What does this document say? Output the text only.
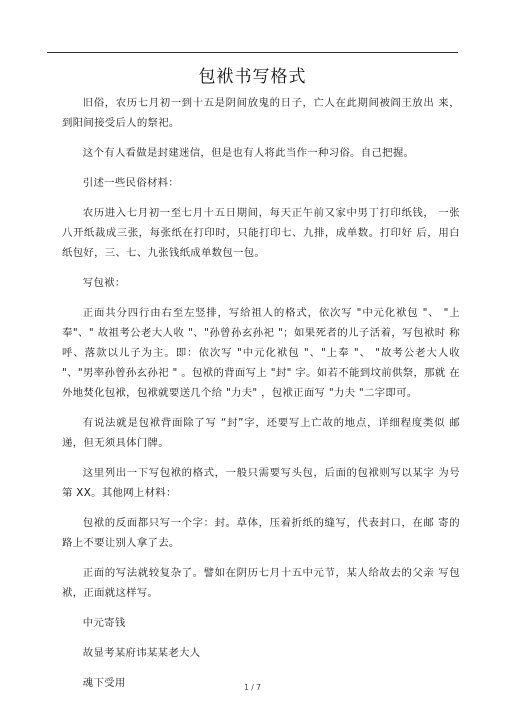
包袱书写格式

旧俗，农历七月初一到十五是阴间放鬼的日子，亡人在此期间被阎王放出 来，到阳间接受后人的祭祀。

这个有人看做是封建迷信，但是也有人将此当作一种习俗。自己把握。

引述一些民俗材料：

农历进入七月初一至七月十五日期间，每天正午前又家中男丁打印纸钱， 一张八开纸裁成三张，每张纸在打印时，只能打印七、九排，成单数。打印好 后，用白纸包好，三、七、九张钱纸成单数包一包。

写包袱：

正面共分四行由右至左竖排，写给祖人的格式，依次写 "中元化袱包 "、 "上 奉"、" 故祖考公老大人收 "、"孙曾孙玄孙祀 "；如果死者的儿子活着，写包袱时 称呼、落款以儿子为主。即：依次写 "中元化袱包 "、"上奉 "、 "故考公老大人收 "、"男率孙曾孙玄孙祀 " 。包袱的背面写上 "封" 字。如若不能到坟前供祭，那就 在外地焚化包袱，包袱就要送几个给 "力夫" ，包袱正面写 "力夫 "二字即可。

有说法就是包袱背面除了写 “封”字，还要写上亡故的地点，详细程度类似 邮递，但无须具体门牌。

这里列出一下写包袱的格式，一般只需要写头包，后面的包袱则写以某字 为号第 XX。其他网上材料：

包袱的反面都只写一个字：封。草体，压着折纸的缝写，代表封口，在邮 寄的路上不要让别人拿了去。

正面的写法就较复杂了。譬如在阴历七月十五中元节，某人给故去的父亲 写包袱，正面就这样写。

中元寄钱

故显考某府讳某某老大人

魂下受用	1 / 7
